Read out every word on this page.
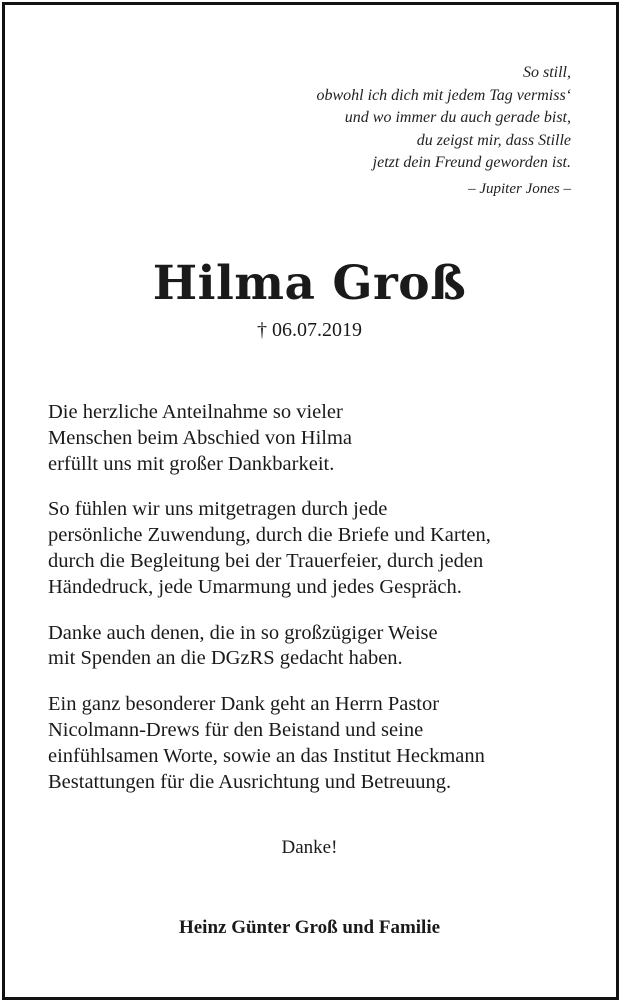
So still,
obwohl ich dich mit jedem Tag vermiss‘
und wo immer du auch gerade bist,
du zeigst mir, dass Stille
jetzt dein Freund geworden ist.
– Jupiter Jones –
Hilma Groß
† 06.07.2019

Die herzliche Anteilnahme so vieler
Menschen beim Abschied von Hilma
erfüllt uns mit großer Dankbarkeit.

So fühlen wir uns mitgetragen durch jede
persönliche Zuwendung, durch die Briefe und Karten,
durch die Begleitung bei der Trauerfeier, durch jeden
Händedruck, jede Umarmung und jedes Gespräch.

Danke auch denen, die in so großzügiger Weise
mit Spenden an die DGzRS gedacht haben.

Ein ganz besonderer Dank geht an Herrn Pastor
Nicolmann-Drews für den Beistand und seine
einfühlsamen Worte, sowie an das Institut Heckmann
Bestattungen für die Ausrichtung und Betreuung.

Danke!
Heinz Günter Groß und Familie
